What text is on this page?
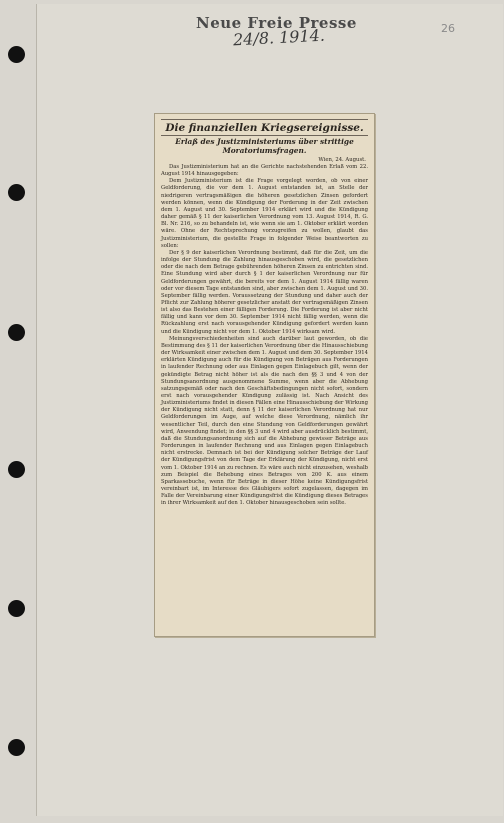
Neue Freie Presse
24/8. 1914.	26
Die finanziellen Kriegsereignisse.
Erlaß des Justizministeriums über strittige Moratoriumsfragen.
Wien, 24. August.

Das Justizministerium hat an die Gerichte nachstehenden Erlaß vom 22. August 1914 hinausgegeben:

Dem Justizministerium ist die Frage vorgelegt worden, ob von einer Geldforderung, die vor dem 1. August entstanden ist, an Stelle der niedrigeren vertragsmäßigen die höheren gesetzlichen Zinsen gefordert werden können, wenn die Kündigung der Forderung in der Zeit zwischen dem 1. August und 30. September 1914 erklärt wird und die Kündigung daher gemäß § 11 der kaiserlichen Verordnung vom 13. August 1914, R. G. Bl. Nr. 216, so zu behandeln ist, wie wenn sie am 1. Oktober erklärt worden wäre. Ohne der Rechtsprechung vorzugreifen zu wollen, glaubt das Justizministerium, die gestellte Frage in folgender Weise beantworten zu sollen:

Der § 9 der kaiserlichen Verordnung bestimmt, daß für die Zeit, um die infolge der Stundung die Zahlung hinausgeschoben wird, die gesetzlichen oder die nach dem Betrage gebührenden höheren Zinsen zu entrichten sind. Eine Stundung wird aber durch § 1 der kaiserlichen Verordnung nur für Geldforderungen gewährt, die bereits vor dem 1. August 1914 fällig waren oder vor diesem Tage entstanden sind, aber zwischen dem 1. August und 30. September fällig werden. Voraussetzung der Stundung und daher auch der Pflicht zur Zahlung höherer gesetzlicher anstatt der vertragsmäßigen Zinsen ist also das Bestehen einer fälligen Forderung. Die Forderung ist aber nicht fällig und kann vor dem 30. September 1914 nicht fällig werden, wenn die Rückzahlung erst nach vorausgehender Kündigung gefordert werden kann und die Kündigung nicht vor dem 1. Oktober 1914 wirksam wird.

Meinungsverschiedenheiten sind auch darüber laut geworden, ob die Bestimmung des § 11 der kaiserlichen Verordnung über die Hinausschiebung der Wirksamkeit einer zwischen dem 1. August und dem 30. September 1914 erklärten Kündigung auch für die Kündigung von Beträgen aus Forderungen in laufender Rechnung oder aus Einlagen gegen Einlagebuch gilt, wenn der gekündigte Betrag nicht höher ist als die nach den §§ 3 und 4 von der Stundungsanordnung ausgenommene Summe, wenn aber die Abhebung satzungsgemäß oder nach den Geschäftsbedingungen nicht sofort, sondern erst nach vorausgehender Kündigung zulässig ist. Nach Ansicht des Justizministeriums findet in diesen Fällen eine Hinausschiebung der Wirkung der Kündigung nicht statt, denn § 11 der kaiserlichen Verordnung hat nur Geldforderungen im Auge, auf welche diese Verordnung, nämlich ihr wesentlicher Teil, durch den eine Stundung von Geldforderungen gewährt wird, Anwendung findet; in den §§ 3 und 4 wird aber ausdrücklich bestimmt, daß die Stundungsanordnung sich auf die Abhebung gewisser Beträge aus Forderungen in laufender Rechnung und aus Einlagen gegen Einlagebuch nicht erstrecke. Demnach ist bei der Kündigung solcher Beträge der Lauf der Kündigungsfrist von dem Tage der Erklärung der Kündigung, nicht erst vom 1. Oktober 1914 an zu rechnen. Es wäre auch nicht einzusehen, weshalb zum Beispiel die Behebung eines Betrages von 200 K. aus einem Sparkassebuche, wenn für Beträge in dieser Höhe keine Kündigungsfrist vereinbart ist, im Interesse des Gläubigers sofort zugelassen, dagegen im Falle der Vereinbarung einer Kündigungsfrist die Kündigung dieses Betrages in ihrer Wirksamkeit auf den 1. Oktober hinausgeschoben sein sollte.
